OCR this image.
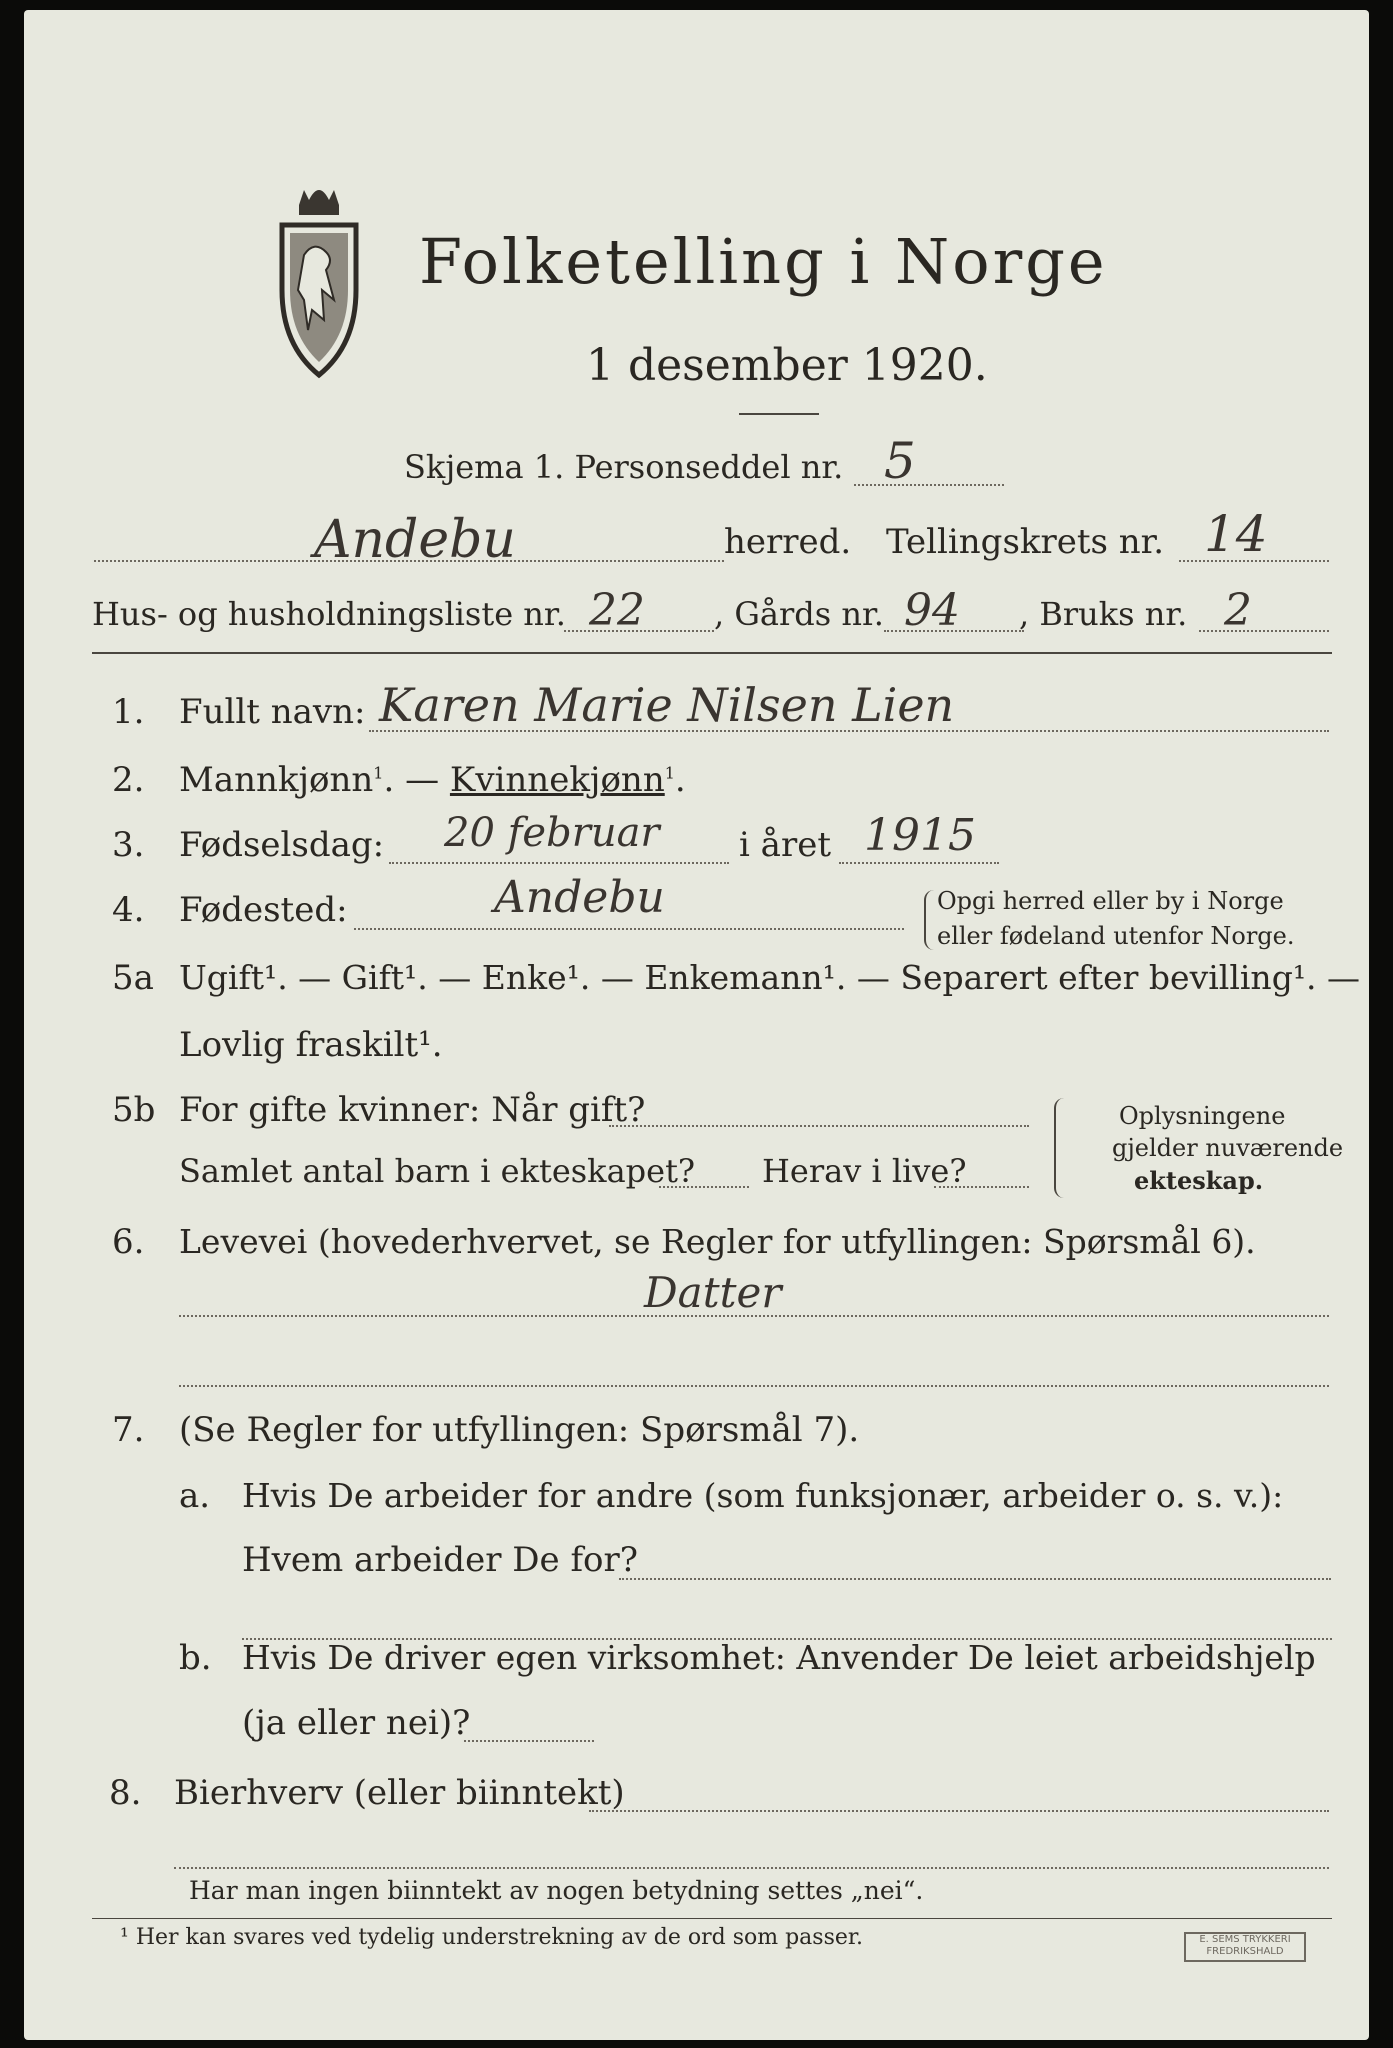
Folketelling i Norge
1 desember 1920.
Skjema 1. Personseddel nr. 5
Andebu	herred. Tellingskrets nr. 14
Hus- og husholdningsliste nr. 22 , Gårds nr. 94 , Bruks nr. 2
1. Fullt navn: Karen Marie Nilsen Lien
2. Mannkjønn$^1$. — Kvinnekjønn$^1$.
3. Fødselsdag: 20 februar i året 1915
4. Fødested:	Andebu	Opgi herred eller by i Norge
eller fødeland utenfor Norge.
5a Ugift¹. — Gift¹. — Enke¹. — Enkemann¹. — Separert efter bevilling¹. —
Lovlig fraskilt¹.
5b For gifte kvinner: Når gift?
Samlet antal barn i ekteskapet? Herav i live?
Oplysningene
gjelder nuværende
ekteskap.
6. Levevei (hovederhvervet, se Regler for utfyllingen: Spørsmål 6).
Datter
7. (Se Regler for utfyllingen: Spørsmål 7).
a. Hvis De arbeider for andre (som funksjonær, arbeider o. s. v.):
Hvem arbeider De for?
b. Hvis De driver egen virksomhet: Anvender De leiet arbeidshjelp
(ja eller nei)?
8. Bierhverv (eller biinntekt)
Har man ingen biinntekt av nogen betydning settes „nei“.
¹ Her kan svares ved tydelig understrekning av de ord som passer.	E. SEMS TRYKKERI
FREDRIKSHALD
